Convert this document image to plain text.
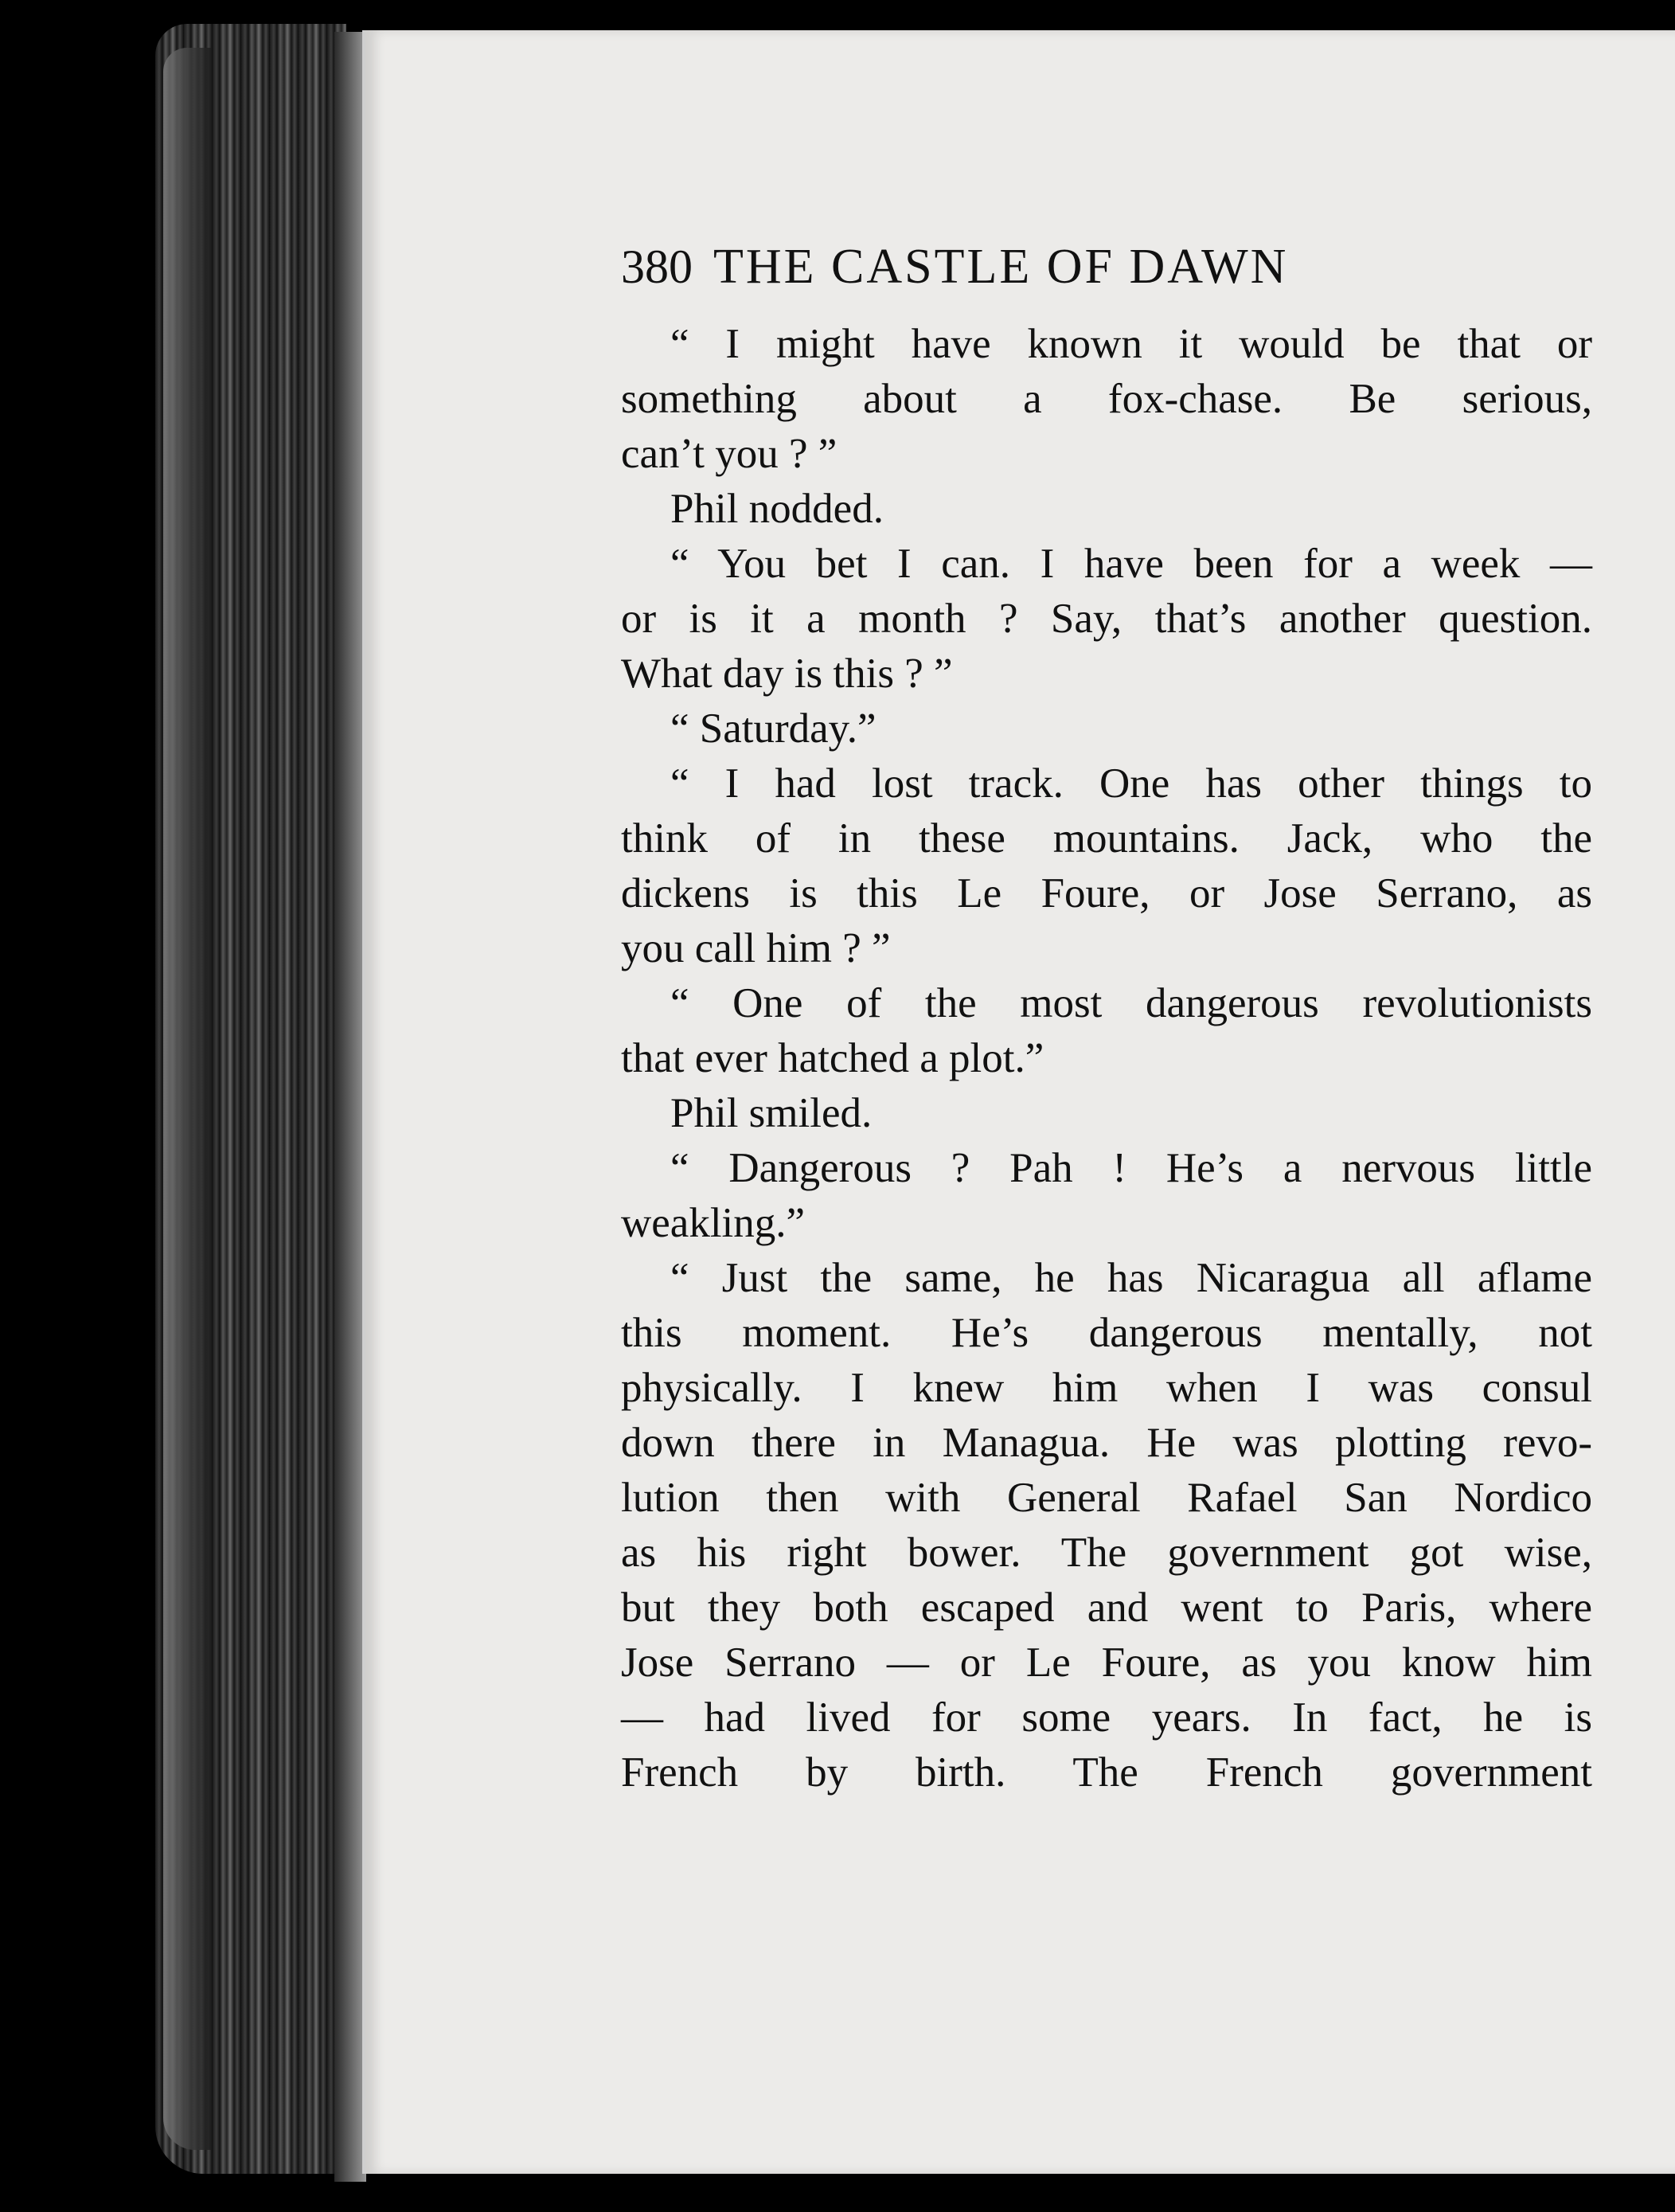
380 THE CASTLE OF DAWN

“ I might have known it would be that or
something about a fox-chase. Be serious,
can’t you ? ”

Phil nodded.

“ You bet I can. I have been for a week —
or is it a month ? Say, that’s another question.
What day is this ? ”

“ Saturday.”

“ I had lost track. One has other things to
think of in these mountains. Jack, who the
dickens is this Le Foure, or Jose Serrano, as
you call him ? ”

“ One of the most dangerous revolutionists
that ever hatched a plot.”

Phil smiled.

“ Dangerous ? Pah ! He’s a nervous little
weakling.”

“ Just the same, he has Nicaragua all aflame
this moment. He’s dangerous mentally, not
physically. I knew him when I was consul
down there in Managua. He was plotting revo-
lution then with General Rafael San Nordico
as his right bower. The government got wise,
but they both escaped and went to Paris, where
Jose Serrano — or Le Foure, as you know him
— had lived for some years. In fact, he is
French by birth. The French government
